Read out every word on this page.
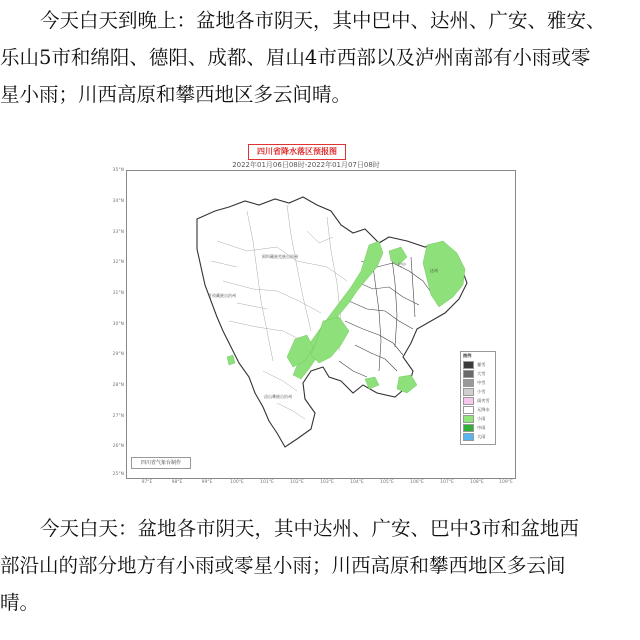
今天白天到晚上：盆地各市阴天，其中巴中、达州、广安、雅安、
乐山5市和绵阳、德阳、成都、眉山4市西部以及泸州南部有小雨或零
星小雨；川西高原和攀西地区多云间晴。
四川省降水落区预报图
2022年01月06日08时-2022年01月07日08时
35°N
34°N
33°N
32°N
31°N
30°N
29°N
28°N
27°N
26°N
25°N
97°E	98°E	99°E	100°E	101°E	102°E	103°E	104°E	105°E	106°E	107°E	108°E	109°E
阿坝藏族羌族自治州
甘孜藏族自治州
凉山彝族自治州
巴中
达州
四川省气象台制作
图例
暴雪
大雪
中雪
小雪
雨夹雪
无降水
小雨
中雨
大雨
今天白天：盆地各市阴天，其中达州、广安、巴中3市和盆地西
部沿山的部分地方有小雨或零星小雨；川西高原和攀西地区多云间
晴。
